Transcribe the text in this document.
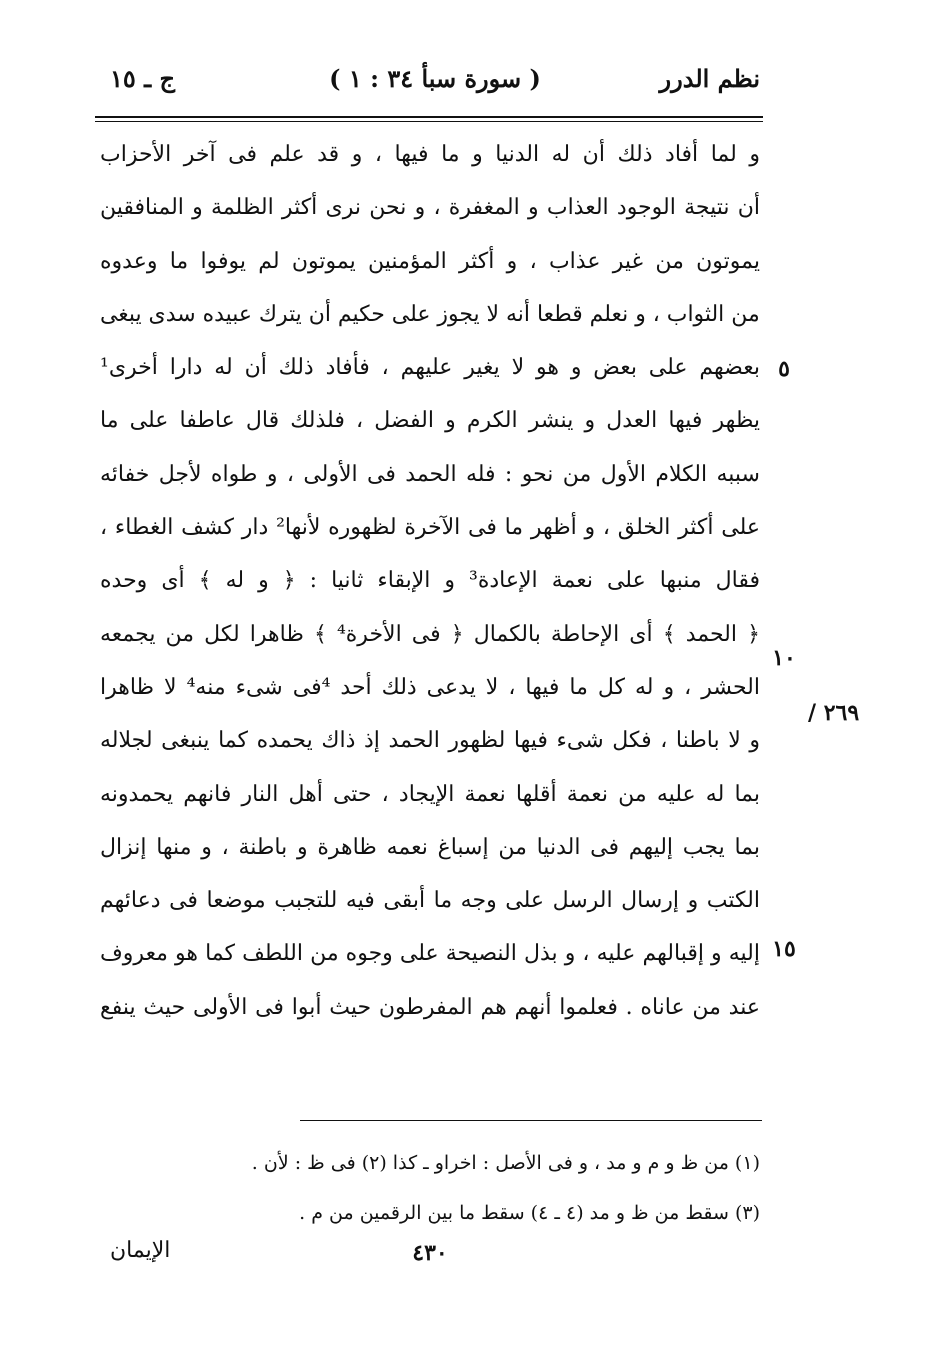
نظم الدرر
( سورة سبأ ٣٤ : ١ )
ج ـ ١٥
و لما أفاد ذلك أن له الدنيا و ما فيها ، و قد علم فى آخر الأحزاب
أن نتيجة الوجود العذاب و المغفرة ، و نحن نرى أكثر الظلمة و المنافقين
يموتون من غير عذاب ، و أكثر المؤمنين يموتون لم يوفوا ما وعدوه
من الثواب ، و نعلم قطعا أنه لا يجوز على حكيم أن يترك عبيده سدى يبغى
بعضهم على بعض و هو لا يغير عليهم ، فأفاد ذلك أن له دارا أخرى¹
يظهر فيها العدل و ينشر الكرم و الفضل ، فلذلك قال عاطفا على ما
سببه الكلام الأول من نحو : فله الحمد فى الأولى ، و طواه لأجل خفائه
على أكثر الخلق ، و أظهر ما فى الآخرة لظهوره لأنها² دار كشف الغطاء ،
فقال منبها على نعمة الإعادة³ و الإبقاء ثانيا : ﴿ و له ﴾ أى وحده
﴿ الحمد ﴾ أى الإحاطة بالكمال ﴿ فى الأخرة⁴ ﴾ ظاهرا لكل من يجمعه
الحشر ، و له كل ما فيها ، لا يدعى ذلك أحد ⁴فى شىء منه⁴ لا ظاهرا
و لا باطنا ، فكل شىء فيها لظهور الحمد إذ ذاك يحمده كما ينبغى لجلاله
بما له عليه من نعمة أقلها نعمة الإيجاد ، حتى أهل النار فانهم يحمدونه
بما يجب إليهم فى الدنيا من إسباغ نعمه ظاهرة و باطنة ، و منها إنزال
الكتب و إرسال الرسل على وجه ما أبقى فيه للتجبب موضعا فى دعائهم
إليه و إقبالهم عليه ، و بذل النصيحة على وجوه من اللطف كما هو معروف
عند من عاناه . فعلموا أنهم هم المفرطون حيث أبوا فى الأولى حيث ينفع
٥
١٠
١٥
٢٦٩ /
(١) من ظ و م و مد ، و فى الأصل : اخراو ـ كذا (٢) فى ظ : لأن .
(٣) سقط من ظ و مد (٤ ـ ٤) سقط ما بين الرقمين من م .
٤٣٠
الإيمان
